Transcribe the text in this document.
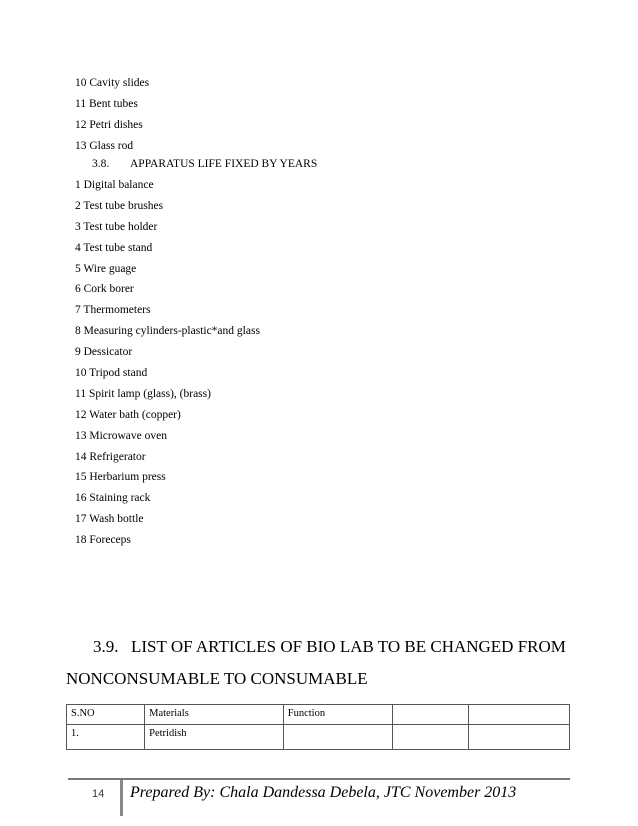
10 Cavity slides
11 Bent tubes
12 Petri dishes
13 Glass rod
3.8. APPARATUS LIFE FIXED BY YEARS
1 Digital balance
2 Test tube brushes
3 Test tube holder
4 Test tube stand
5 Wire guage
6 Cork borer
7 Thermometers
8 Measuring cylinders-plastic*and glass
9 Dessicator
10 Tripod stand
11 Spirit lamp (glass), (brass)
12 Water bath (copper)
13 Microwave oven
14 Refrigerator
15 Herbarium press
16 Staining rack
17 Wash bottle
18 Foreceps
3.9. LIST OF ARTICLES OF BIO LAB TO BE CHANGED FROM
NONCONSUMABLE TO CONSUMABLE
S.NO	Materials	Function		
1.	Petridish			
14 Prepared By: Chala Dandessa Debela, JTC November 2013
